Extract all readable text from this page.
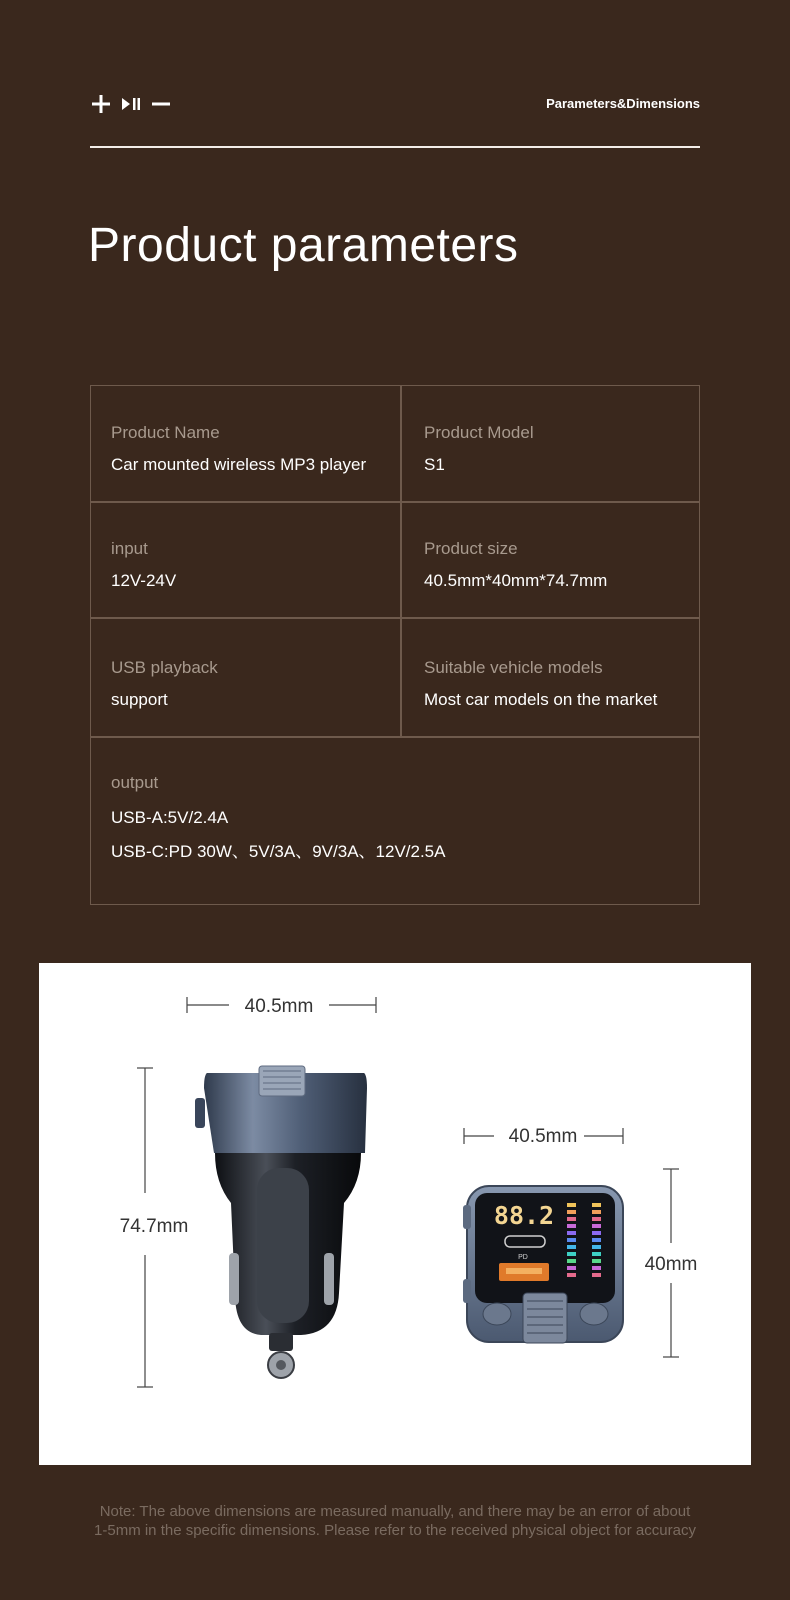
Parameters&Dimensions
Product parameters
Product Name
Car mounted wireless MP3 player
Product Model
S1
input
12V-24V
Product size
40.5mm*40mm*74.7mm
USB playback
support
Suitable vehicle models
Most car models on the market
output
USB-A:5V/2.4A
USB-C:PD 30W、5V/3A、9V/3A、12V/2.5A
40.5mm
74.7mm
40.5mm
40mm
88.2
PD
Note: The above dimensions are measured manually, and there may be an error of about
1-5mm in the specific dimensions. Please refer to the received physical object for accuracy
